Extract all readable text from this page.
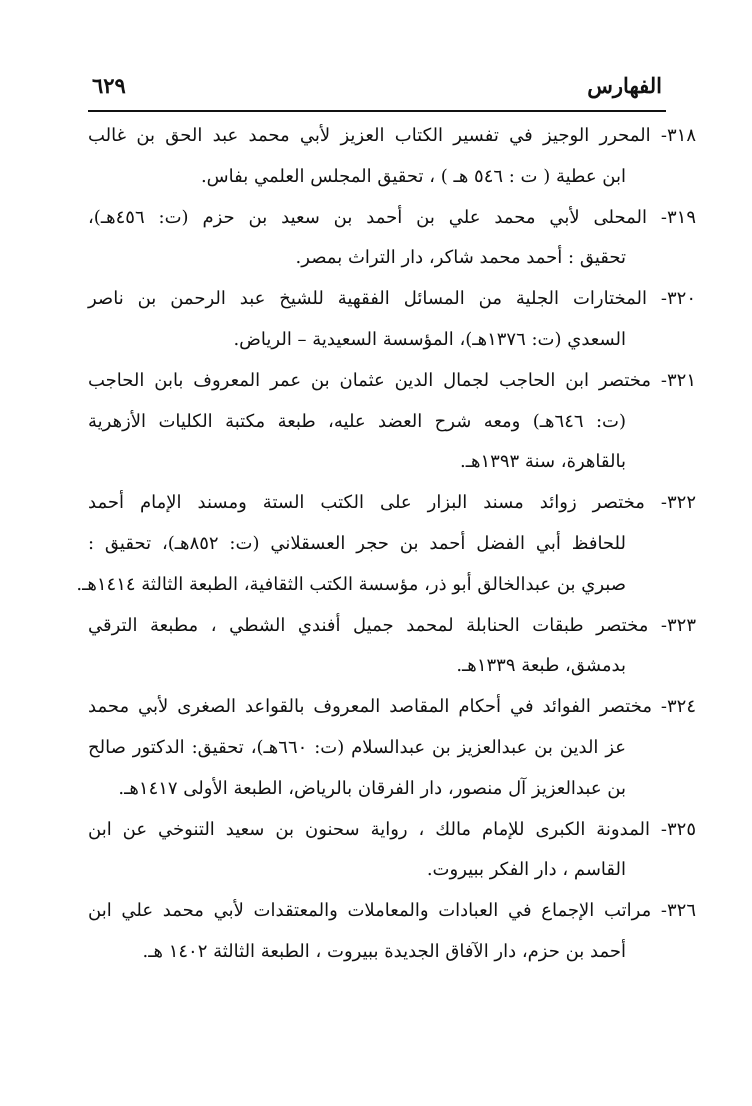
الفهارس
٦٢٩
٣١٨- المحرر الوجيز في تفسير الكتاب العزيز لأبي محمد عبد الحق بن غالب
ابن عطية ( ت : ٥٤٦ هـ ) ، تحقيق المجلس العلمي بفاس.
٣١٩- المحلى لأبي محمد علي بن أحمد بن سعيد بن حزم (ت: ٤٥٦هـ)،
تحقيق : أحمد محمد شاكر، دار التراث بمصر.
٣٢٠- المختارات الجلية من المسائل الفقهية للشيخ عبد الرحمن بن ناصر
السعدي (ت: ١٣٧٦هـ)، المؤسسة السعيدية – الرياض.
٣٢١- مختصر ابن الحاجب لجمال الدين عثمان بن عمر المعروف بابن الحاجب
(ت: ٦٤٦هـ) ومعه شرح العضد عليه، طبعة مكتبة الكليات الأزهرية
بالقاهرة، سنة ١٣٩٣هـ.
٣٢٢- مختصر زوائد مسند البزار على الكتب الستة ومسند الإمام أحمد
للحافظ أبي الفضل أحمد بن حجر العسقلاني (ت: ٨٥٢هـ)، تحقيق :
صبري بن عبدالخالق أبو ذر، مؤسسة الكتب الثقافية، الطبعة الثالثة ١٤١٤هـ.
٣٢٣- مختصر طبقات الحنابلة لمحمد جميل أفندي الشطي ، مطبعة الترقي
بدمشق، طبعة ١٣٣٩هـ.
٣٢٤- مختصر الفوائد في أحكام المقاصد المعروف بالقواعد الصغرى لأبي محمد
عز الدين بن عبدالعزيز بن عبدالسلام (ت: ٦٦٠هـ)، تحقيق: الدكتور صالح
بن عبدالعزيز آل منصور، دار الفرقان بالرياض، الطبعة الأولى ١٤١٧هـ.
٣٢٥- المدونة الكبرى للإمام مالك ، رواية سحنون بن سعيد التنوخي عن ابن
القاسم ، دار الفكر ببيروت.
٣٢٦- مراتب الإجماع في العبادات والمعاملات والمعتقدات لأبي محمد علي ابن
أحمد بن حزم، دار الآفاق الجديدة ببيروت ، الطبعة الثالثة ١٤٠٢ هـ.
